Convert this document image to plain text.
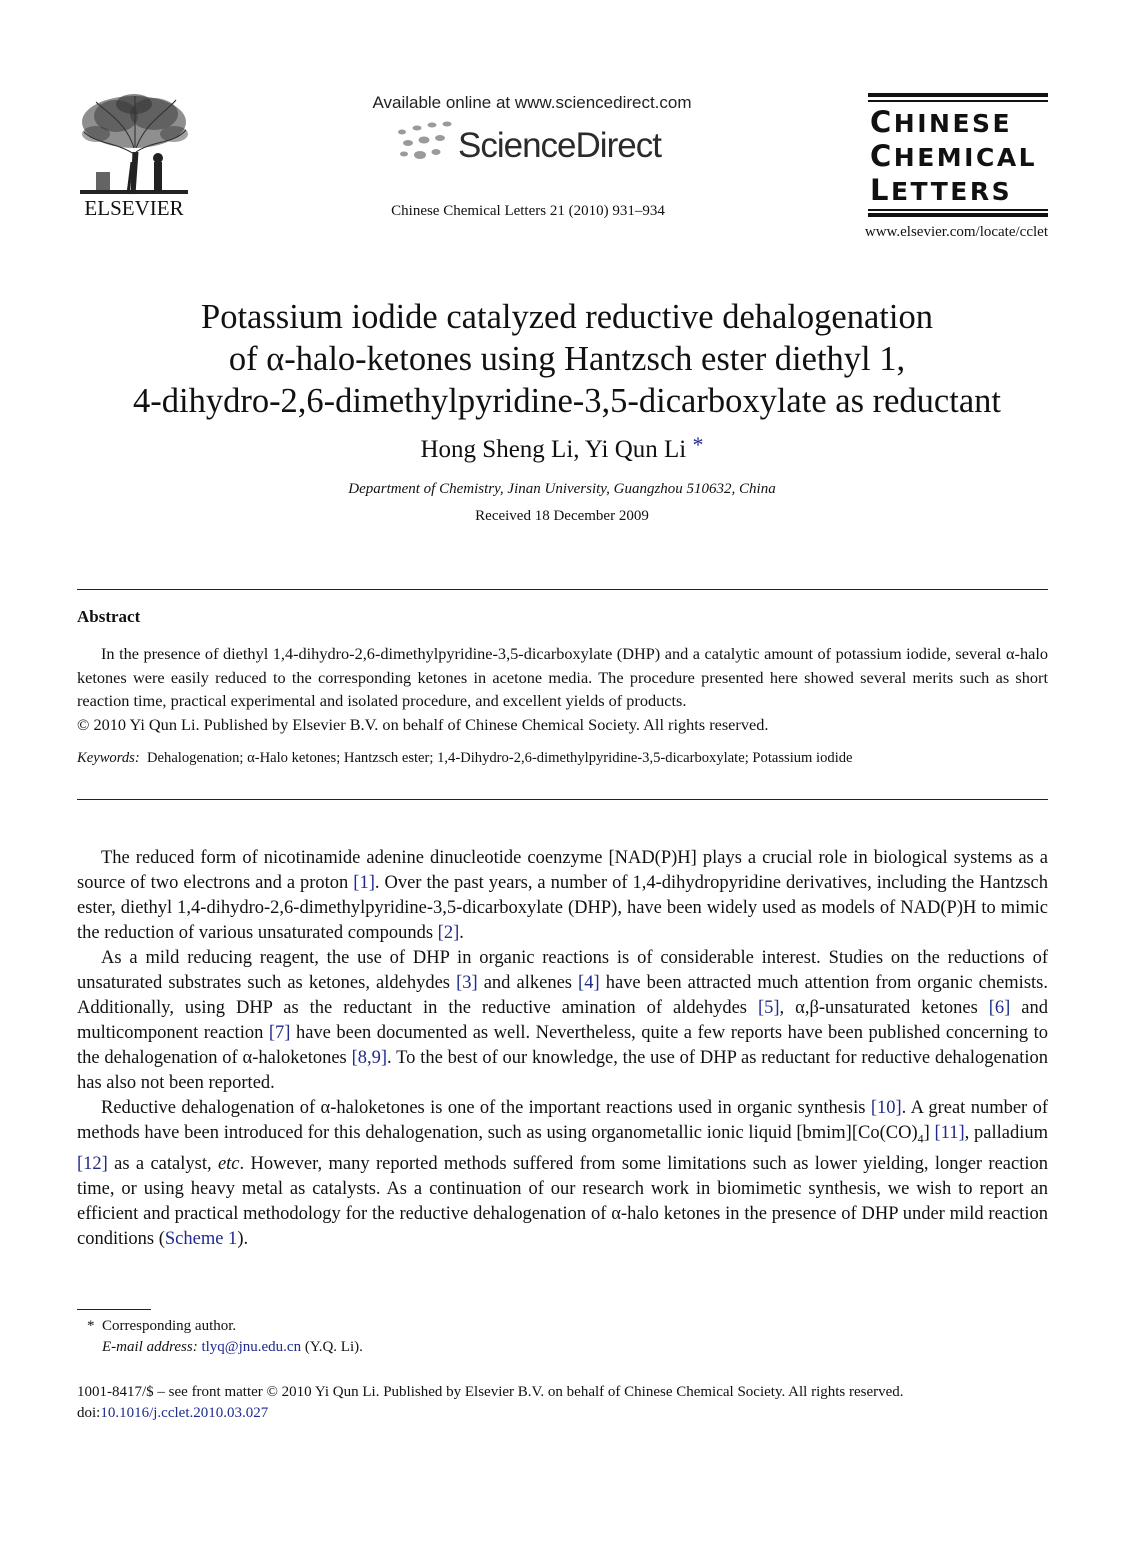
ELSEVIER
Available online at www.sciencedirect.com
ScienceDirect
Chinese Chemical Letters 21 (2010) 931–934
CHINESE
CHEMICAL
LETTERS
www.elsevier.com/locate/cclet
Potassium iodide catalyzed reductive dehalogenation
of α-halo-ketones using Hantzsch ester diethyl 1,
4-dihydro-2,6-dimethylpyridine-3,5-dicarboxylate as reductant
Hong Sheng Li, Yi Qun Li *
Department of Chemistry, Jinan University, Guangzhou 510632, China
Received 18 December 2009
Abstract
In the presence of diethyl 1,4-dihydro-2,6-dimethylpyridine-3,5-dicarboxylate (DHP) and a catalytic amount of potassium iodide, several α-halo ketones were easily reduced to the corresponding ketones in acetone media. The procedure presented here showed several merits such as short reaction time, practical experimental and isolated procedure, and excellent yields of products.
© 2010 Yi Qun Li. Published by Elsevier B.V. on behalf of Chinese Chemical Society. All rights reserved.
Keywords: Dehalogenation; α-Halo ketones; Hantzsch ester; 1,4-Dihydro-2,6-dimethylpyridine-3,5-dicarboxylate; Potassium iodide

The reduced form of nicotinamide adenine dinucleotide coenzyme [NAD(P)H] plays a crucial role in biological systems as a source of two electrons and a proton [1]. Over the past years, a number of 1,4-dihydropyridine derivatives, including the Hantzsch ester, diethyl 1,4-dihydro-2,6-dimethylpyridine-3,5-dicarboxylate (DHP), have been widely used as models of NAD(P)H to mimic the reduction of various unsaturated compounds [2].

As a mild reducing reagent, the use of DHP in organic reactions is of considerable interest. Studies on the reductions of unsaturated substrates such as ketones, aldehydes [3] and alkenes [4] have been attracted much attention from organic chemists. Additionally, using DHP as the reductant in the reductive amination of aldehydes [5], α,β-unsaturated ketones [6] and multicomponent reaction [7] have been documented as well. Nevertheless, quite a few reports have been published concerning to the dehalogenation of α-haloketones [8,9]. To the best of our knowledge, the use of DHP as reductant for reductive dehalogenation has also not been reported.

Reductive dehalogenation of α-haloketones is one of the important reactions used in organic synthesis [10]. A great number of methods have been introduced for this dehalogenation, such as using organometallic ionic liquid $[bmim][Co(CO)_4]$ [11], palladium [12] as a catalyst, etc. However, many reported methods suffered from some limitations such as lower yielding, longer reaction time, or using heavy metal as catalysts. As a continuation of our research work in biomimetic synthesis, we wish to report an efficient and practical methodology for the reductive dehalogenation of α-halo ketones in the presence of DHP under mild reaction conditions (Scheme 1).

* Corresponding author.
E-mail address: tlyq@jnu.edu.cn (Y.Q. Li).
1001-8417/$ – see front matter © 2010 Yi Qun Li. Published by Elsevier B.V. on behalf of Chinese Chemical Society. All rights reserved.
doi:10.1016/j.cclet.2010.03.027
